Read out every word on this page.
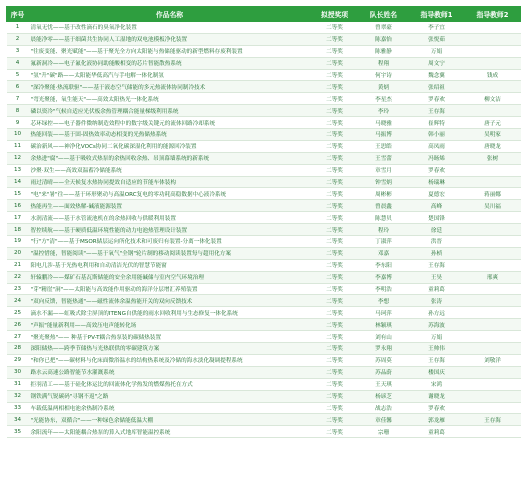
序号	作品名称	拟授奖项	队长姓名	指导教师1	指导教师2
1	清氧无忧——基于改性滴石的臭氧净化装置	二等奖	曾翠豪	李子宜	
2	晨能净零——基于细菌共生协同人工湿地的双电池模板净化装置	二等奖	陈嘉怡	张悦茹	
3	"往废变能、聚光赋能"——基于聚光全方向太阳能与热储能驱动的新型燃料存废利装置	二等奖	陈雅静	万娟	
4	氟新洞冷——电子氟化液协同助能酸相变的芯片智能散热系统	二等奖	程翔	周文宁	
5	"氢"升"碳"路——太阳能华低高汽与手电解一体化制氢	二等奖	何宇诗	魏念翼	钱成
6	"深冷聚能·热流联驱"——基于液态空气储能的多元热流体协同制冷技术	二等奖	黄炳	张绍祖	
7	"弯光聚能，氧生能天"——高效太阳热光一体化系统	二等奖	李星杰	罗春欢	柳文洁
8	磷以资冷"气候自适应光伏板余热管理耦合能量梯级利用系统	二等奖	李玲	王存海	
9	芯环绿控——电子器件微纳制造效程中的数字级关键元的流体回路冷却系统	二等奖	马晓雅	崔辉特	唐子元
10	热能回装——基于固-固热效率动态相变的光热储热系统	二等奖	马振博	韩小丽	吴明家
11	碳治新风——神净化VOCs协同二氧化碳深湿化利用的能源回冷装置	二等奖	王思皓	高凤雨	唐晓龙
12	余热进"腐"——基于吸收式热泵的余热回收余热、吊顶幕墙系统的新系统	二等奖	王雪蕾	冯旸烯	张树
13	沙聚·双生——高效双温蓄冷储能系统	二等奖	章雪月	罗春欢	
14	雨过清晴——全天候复水热协同提效自适应的节能车体装构	二等奖	钟雪炳	杨瑞琳	
15	"电"来"暑"往——基于环形聚动与高温ORC复电的零功耗高稳数据中心液冷系统	二等奖	周彬彬	夏德宏	蒋丽娜
16	热能再生——面效热解-碱液能源装置	二等奖	曾晨鑫	高峰	吴川福
17	水润清流——基于水管流池机在的余热回收与供暖利用装置	二等奖	陈慧贝	楚国锋	
18	智控续航——基于硬质低温环境性能的动力电池热管理设计装置	二等奖	程玲	徐廷	
19	"行"方"清"——基于MSOR储层运向所化技术和可废归有装置-分离一体化装置	二等奖	丁淑萍	洪晋	
20	"温控惜能，智能阅读"——基于氧气"全钢"轮片制的移动阅读装置每与超用化方案	二等奖	邓嘉	孙桢	
21	阳电几涉-基于光热电利用和自动清洁光伏的智慧节能窗	二等奖	李东阳	王存海	
22	轩辕鹏冷——煤矿石基瓦斯储能的安全余用能碱储与室内空气环境治理	二等奖	李嘉博	王昊	邢爽
23	"芽"精崖"洞"——太阳能与高效能作用驱动的海洋分层增汇养殖装置	二等奖	李明浩	童莉葛	
24	"双向反馈，智能热通"——磁性流体余温热能开关的双向反馈技术	二等奖	李想	张涛	
25	滴水不漏——虹吸式除尘屏顶的ITENG自供能的雨水回收利用与生态修复一体化系统	二等奖	马珂萍	孙方远	
26	"声振"能量新利用——高效压电声能转化场	二等奖	林颖琪	苏海波	
27	"聚光聚热"—— 种基于PV-T耦合热泵装的碳储热装置	二等奖	刘有山	万娟	
28	深阳储热——跨季节储热与光热联供的零碳建筑方案	二等奖	罗永翔	王帅伟	
29	"和你已把"——碳材料与化床面微浴温水的结构热系统及冷储的海水淡化凝调提程系统	二等奖	苏周莫	王存海	刘敬洋
30	路水云高速公路智能节水灌溉系统	二等奖	苏品蔚	楼国庆	
31	拒羽清工——基于硅化体运比的回流体化学热发的燃煤热托在方式	二等奖	王天琪	宋鸿	
32	钢铁满气锐碳码"寻钢不返"之路	二等奖	杨谚芝	谢晓龙	
33	车载低温两相相电池余热制冷系统	二等奖	战志浩	罗春欢	
34	"光能协东，双循合"——一种绿色余储能低温大棚	二等奖	章佳馨	郭龙雁	王存海
35	余阳流年——太阳能耦合热泵的算入式地库智能温控系统	二等奖	宗珊	童莉葛	
